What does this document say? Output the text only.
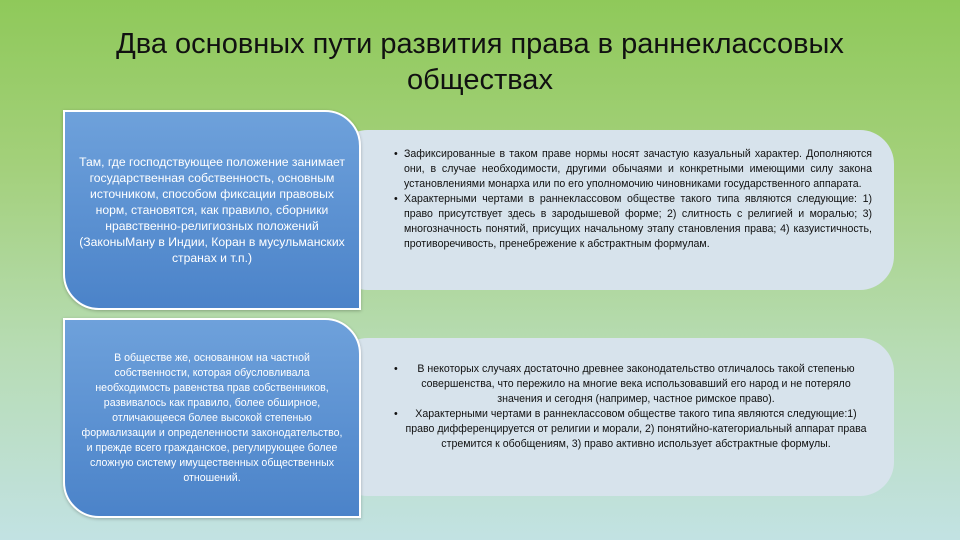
Два основных пути развития права в раннеклассовых обществах
• Зафиксированные в таком праве нормы носят зачастую казуальный характер. Дополняются они, в случае необходимости, другими обычаями и конкретными имеющими силу закона установлениями монарха или по его уполномочию чиновниками государственного аппарата.
• Характерными чертами в раннеклассовом обществе такого типа являются следующие: 1) право присутствует здесь в зародышевой форме; 2) слитность с религией и моралью; 3) многозначность понятий, присущих начальному этапу становления права; 4) казуистичность, противоречивость, пренебрежение к абстрактным формулам.
Там, где господствующее положение занимает государственная собственность, основным источником, способом фиксации правовых норм, становятся, как правило, сборники нравственно-религиозных положений (ЗаконыМану в Индии, Коран в мусульманских странах и т.п.)
• В некоторых случаях достаточно древнее законодательство отличалось такой степенью совершенства, что пережило на многие века использовавший его народ и не потеряло значения и сегодня (например, частное римское право).
• Характерными чертами в раннеклассовом обществе такого типа являются следующие:1) право дифференцируется от религии и морали, 2) понятийно-категориальный аппарат права стремится к обобщениям, 3) право активно использует абстрактные формулы.
В обществе же, основанном на частной собственности, которая обусловливала необходимость равенства прав собственников, развивалось как правило, более обширное, отличающееся более высокой степенью формализации и определенности законодательство, и прежде всего гражданское, регулирующее более сложную систему имущественных общественных отношений.
